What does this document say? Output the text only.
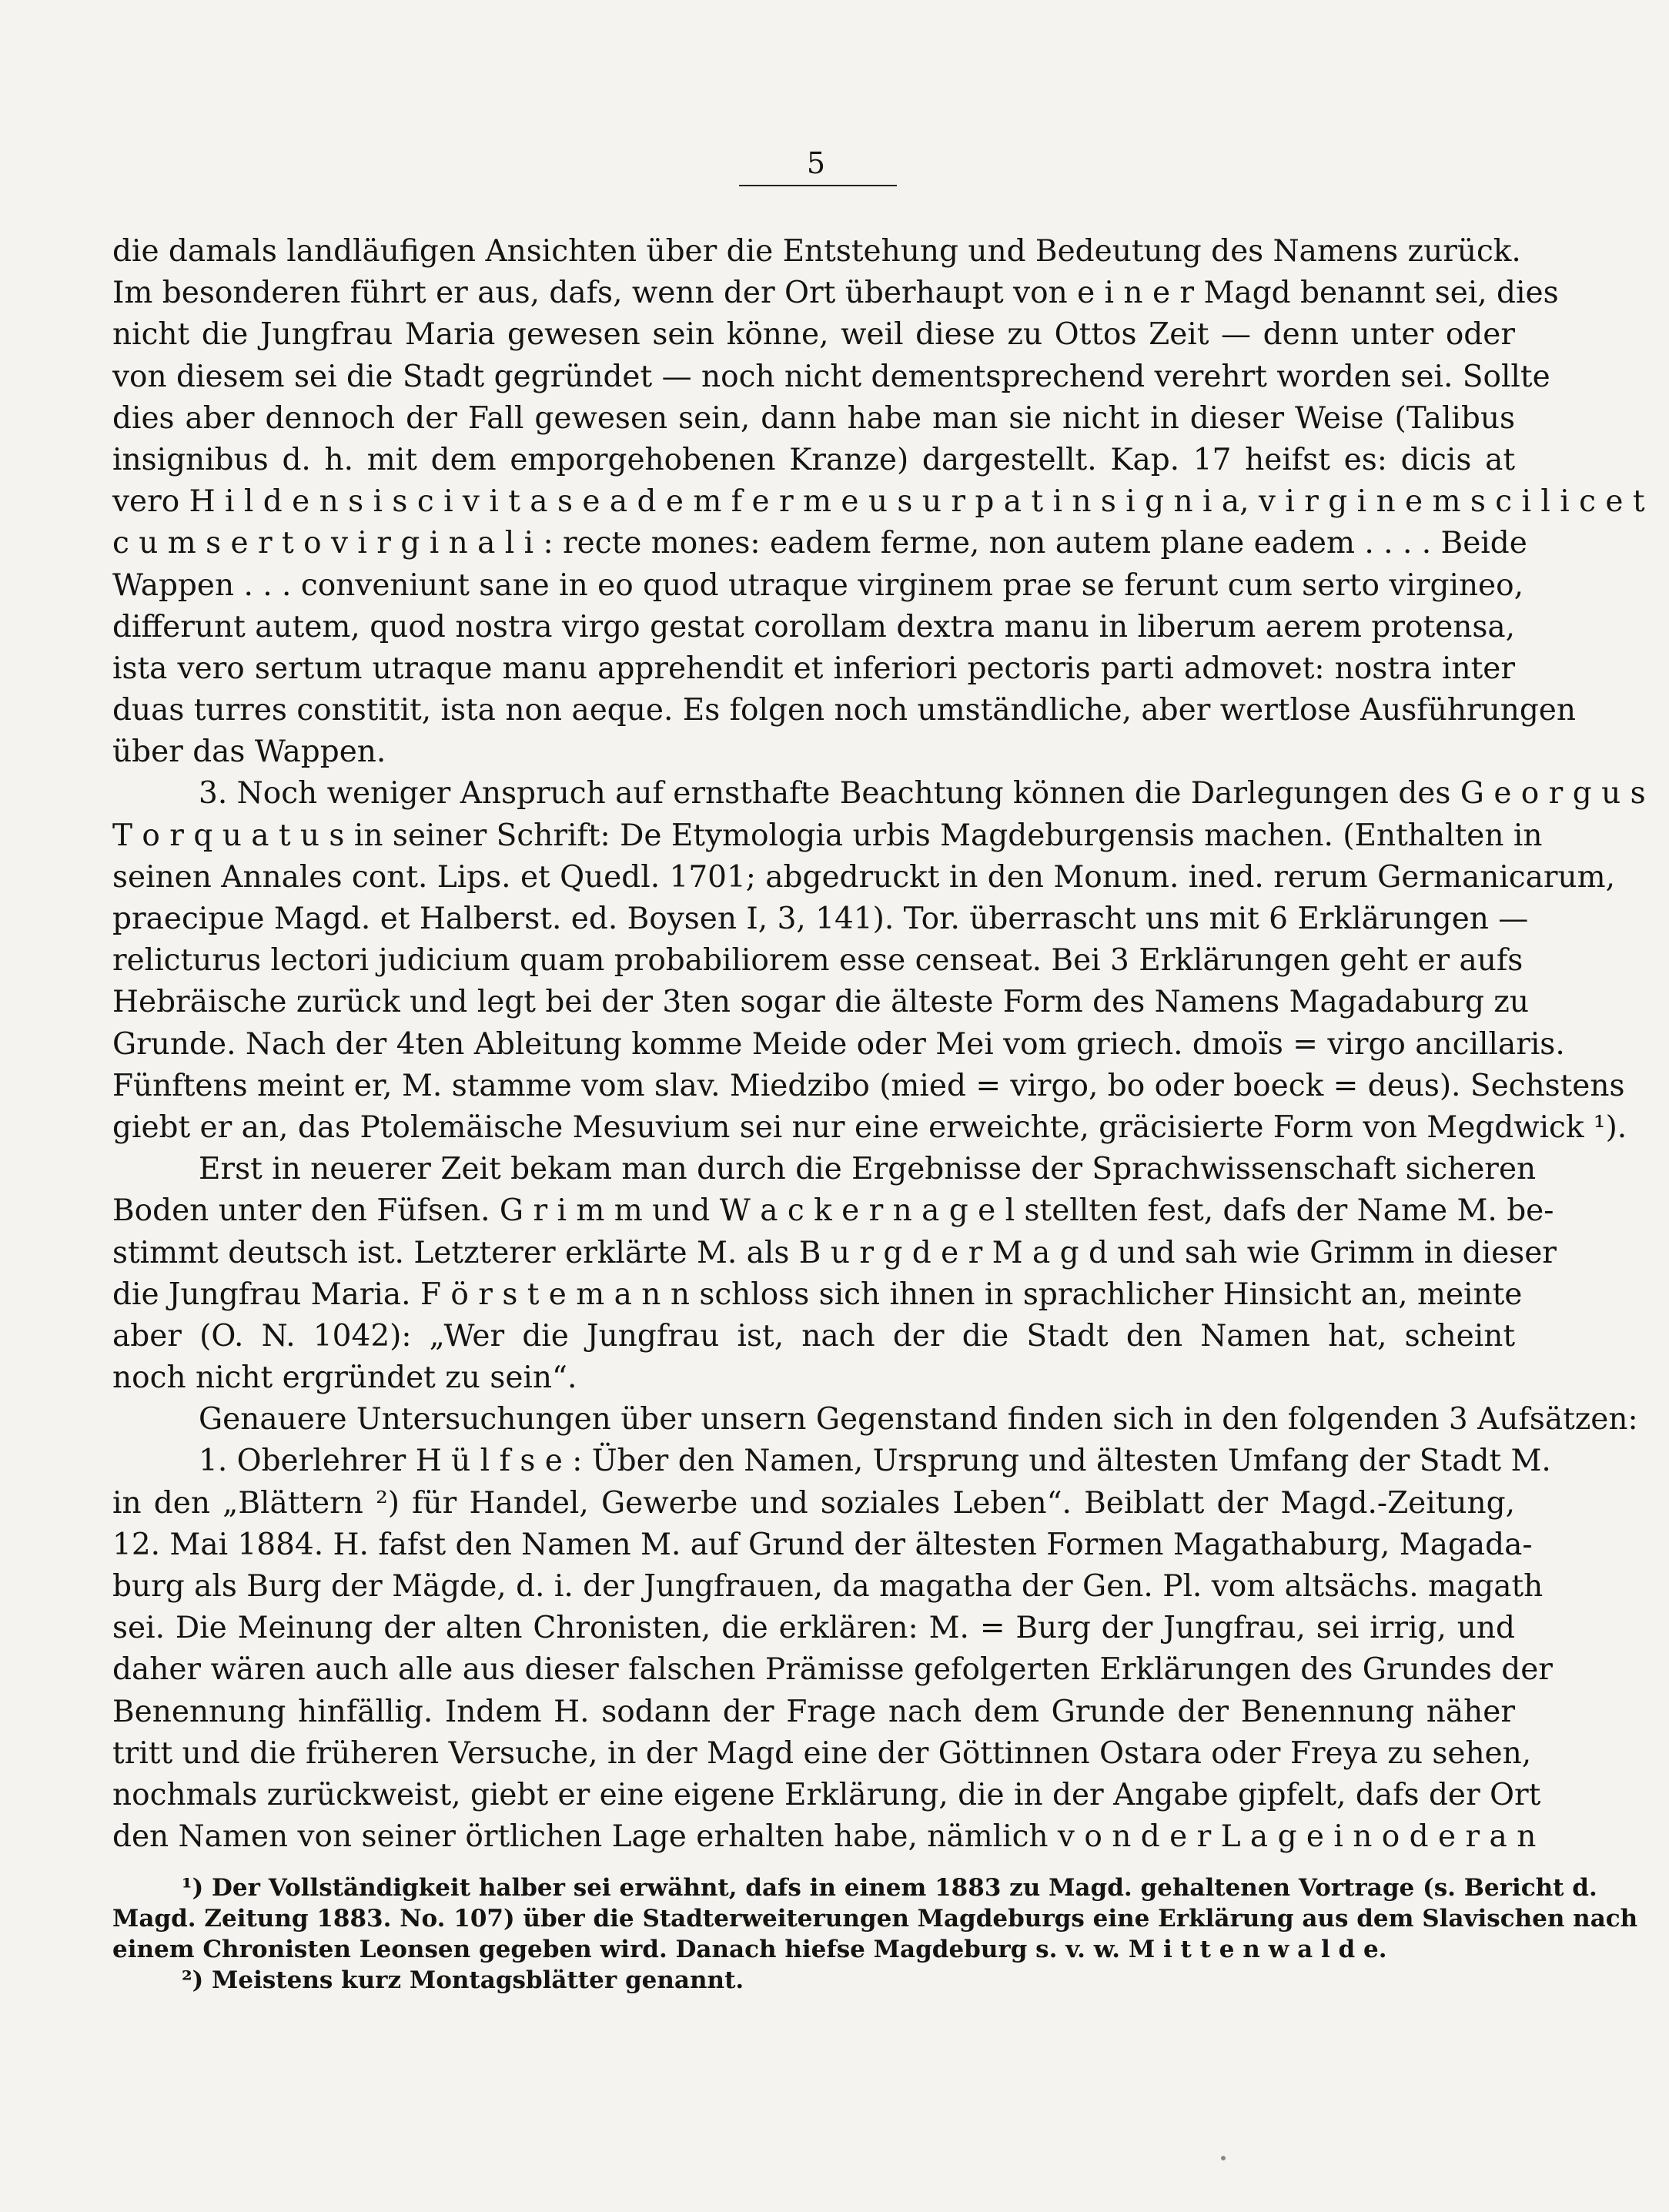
5
die damals landläufigen Ansichten über die Entstehung und Bedeutung des Namens zurück.
Im besonderen führt er aus, dafs, wenn der Ort überhaupt von e i n e r Magd benannt sei, dies
nicht die Jungfrau Maria gewesen sein könne, weil diese zu Ottos Zeit — denn unter oder
von diesem sei die Stadt gegründet — noch nicht dementsprechend verehrt worden sei. Sollte
dies aber dennoch der Fall gewesen sein, dann habe man sie nicht in dieser Weise (Talibus
insignibus d. h. mit dem emporgehobenen Kranze) dargestellt. Kap. 17 heifst es: dicis at
vero H i l d e n s i s c i v i t a s e a d e m f e r m e u s u r p a t i n s i g n i a, v i r g i n e m s c i l i c e t
c u m s e r t o v i r g i n a l i : recte mones: eadem ferme, non autem plane eadem . . . . Beide
Wappen . . . conveniunt sane in eo quod utraque virginem prae se ferunt cum serto virgineo,
differunt autem, quod nostra virgo gestat corollam dextra manu in liberum aerem protensa,
ista vero sertum utraque manu apprehendit et inferiori pectoris parti admovet: nostra inter
duas turres constitit, ista non aeque. Es folgen noch umständliche, aber wertlose Ausführungen
über das Wappen.
3. Noch weniger Anspruch auf ernsthafte Beachtung können die Darlegungen des G e o r g u s
T o r q u a t u s in seiner Schrift: De Etymologia urbis Magdeburgensis machen. (Enthalten in
seinen Annales cont. Lips. et Quedl. 1701; abgedruckt in den Monum. ined. rerum Germanicarum,
praecipue Magd. et Halberst. ed. Boysen I, 3, 141). Tor. überrascht uns mit 6 Erklärungen —
relicturus lectori judicium quam probabiliorem esse censeat. Bei 3 Erklärungen geht er aufs
Hebräische zurück und legt bei der 3ten sogar die älteste Form des Namens Magadaburg zu
Grunde. Nach der 4ten Ableitung komme Meide oder Mei vom griech. dmoïs = virgo ancillaris.
Fünftens meint er, M. stamme vom slav. Miedzibo (mied = virgo, bo oder boeck = deus). Sechstens
giebt er an, das Ptolemäische Mesuvium sei nur eine erweichte, gräcisierte Form von Megdwick ¹).
Erst in neuerer Zeit bekam man durch die Ergebnisse der Sprachwissenschaft sicheren
Boden unter den Füfsen. G r i m m und W a c k e r n a g e l stellten fest, dafs der Name M. be-
stimmt deutsch ist. Letzterer erklärte M. als B u r g d e r M a g d und sah wie Grimm in dieser
die Jungfrau Maria. F ö r s t e m a n n schloss sich ihnen in sprachlicher Hinsicht an, meinte
aber (O. N. 1042): „Wer die Jungfrau ist, nach der die Stadt den Namen hat, scheint
noch nicht ergründet zu sein“.
Genauere Untersuchungen über unsern Gegenstand finden sich in den folgenden 3 Aufsätzen:
1. Oberlehrer H ü l f s e : Über den Namen, Ursprung und ältesten Umfang der Stadt M.
in den „Blättern ²) für Handel, Gewerbe und soziales Leben“. Beiblatt der Magd.-Zeitung,
12. Mai 1884. H. fafst den Namen M. auf Grund der ältesten Formen Magathaburg, Magada-
burg als Burg der Mägde, d. i. der Jungfrauen, da magatha der Gen. Pl. vom altsächs. magath
sei. Die Meinung der alten Chronisten, die erklären: M. = Burg der Jungfrau, sei irrig, und
daher wären auch alle aus dieser falschen Prämisse gefolgerten Erklärungen des Grundes der
Benennung hinfällig. Indem H. sodann der Frage nach dem Grunde der Benennung näher
tritt und die früheren Versuche, in der Magd eine der Göttinnen Ostara oder Freya zu sehen,
nochmals zurückweist, giebt er eine eigene Erklärung, die in der Angabe gipfelt, dafs der Ort
den Namen von seiner örtlichen Lage erhalten habe, nämlich v o n d e r L a g e i n o d e r a n
¹) Der Vollständigkeit halber sei erwähnt, dafs in einem 1883 zu Magd. gehaltenen Vortrage (s. Bericht d.
Magd. Zeitung 1883. No. 107) über die Stadterweiterungen Magdeburgs eine Erklärung aus dem Slavischen nach
einem Chronisten Leonsen gegeben wird. Danach hiefse Magdeburg s. v. w. M i t t e n w a l d e.
²) Meistens kurz Montagsblätter genannt.
